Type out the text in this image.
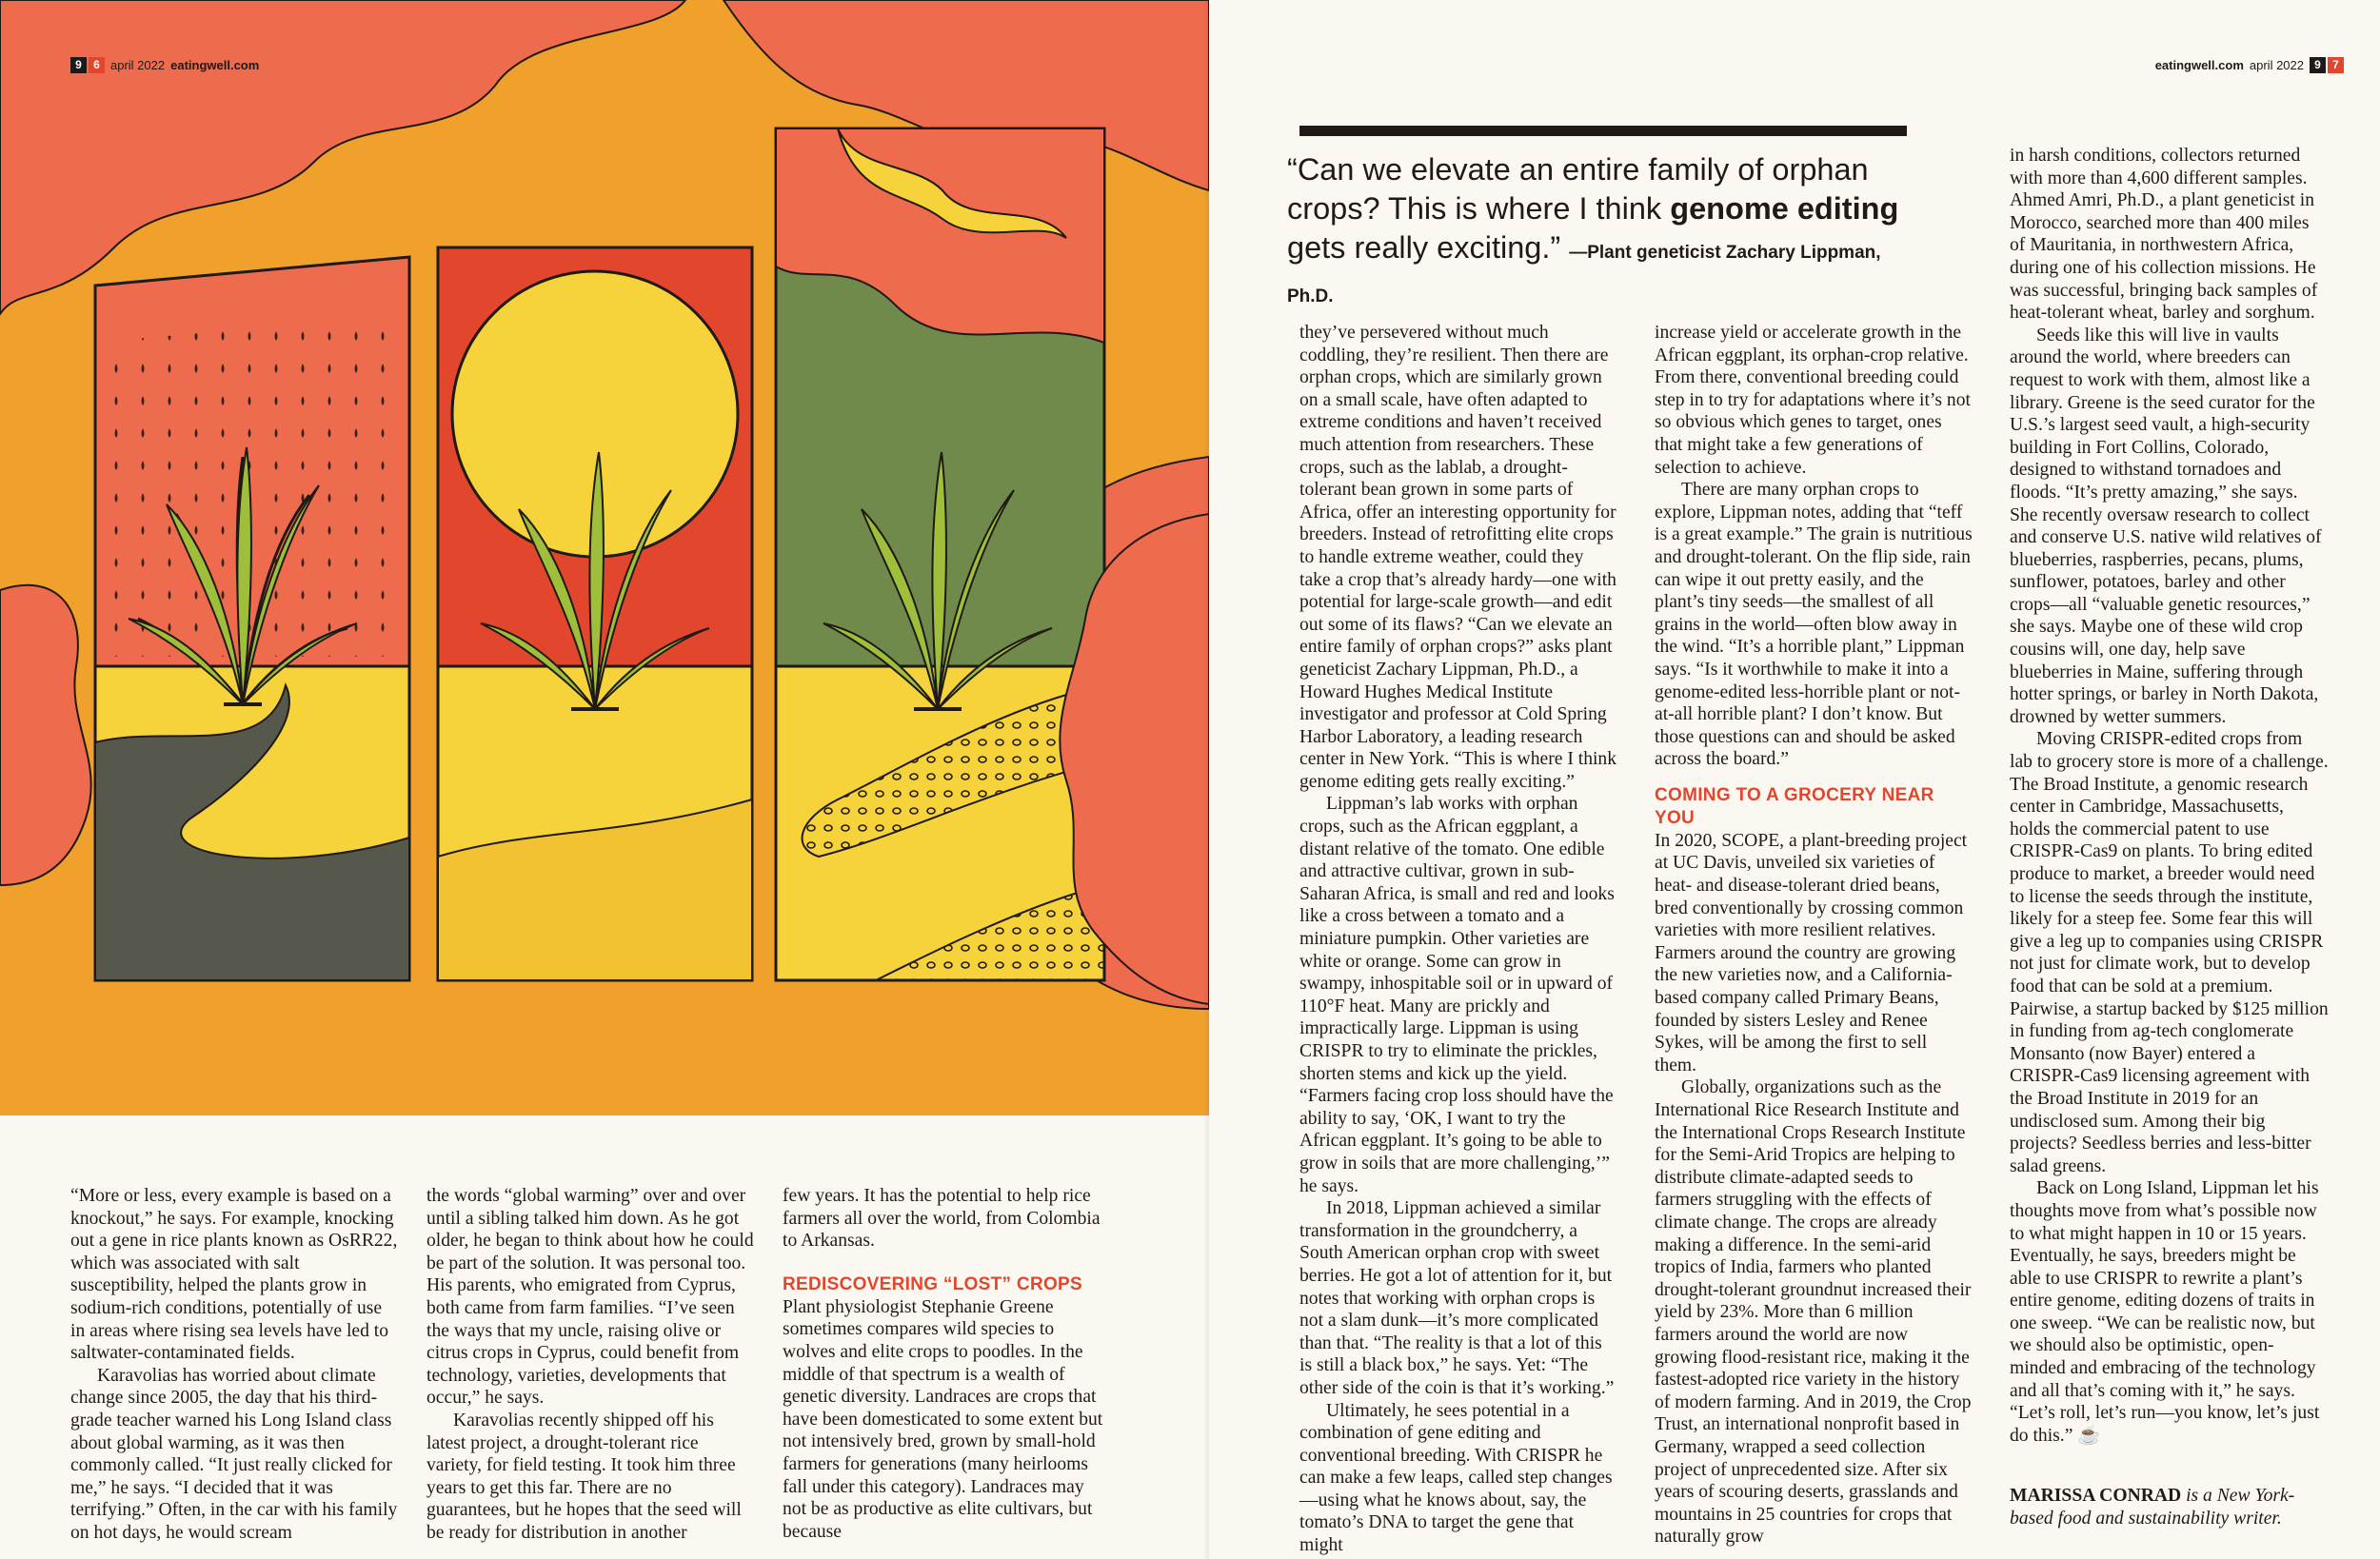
9	6 april 2022 eatingwell.com

“More or less, every example is based on a knockout,” he says. For example, knocking out a gene in rice plants known as OsRR22, which was associated with salt susceptibility, helped the plants grow in sodium-rich conditions, potentially of use in areas where rising sea levels have led to saltwater-contaminated fields.

Karavolias has worried about climate change since 2005, the day that his third-grade teacher warned his Long Island class about global warming, as it was then commonly called. “It just really clicked for me,” he says. “I decided that it was terrifying.” Often, in the car with his family on hot days, he would scream

the words “global warming” over and over until a sibling talked him down. As he got older, he began to think about how he could be part of the solution. It was personal too. His parents, who emigrated from Cyprus, both came from farm families. “I’ve seen the ways that my uncle, raising olive or citrus crops in Cyprus, could benefit from technology, varieties, developments that occur,” he says.

Karavolias recently shipped off his latest project, a drought-tolerant rice variety, for field testing. It took him three years to get this far. There are no guarantees, but he hopes that the seed will be ready for distribution in another

few years. It has the potential to help rice farmers all over the world, from Colombia to Arkansas.

REDISCOVERING “LOST” CROPS

Plant physiologist Stephanie Greene sometimes compares wild species to wolves and elite crops to poodles. In the middle of that spectrum is a wealth of genetic diversity. Landraces are crops that have been domesticated to some extent but not intensively bred, grown by small-hold farmers for generations (many heirlooms fall under this category). Landraces may not be as productive as elite cultivars, but because

eatingwell.com april 2022 9	7
“Can we elevate an entire family of orphan crops? This is where I think genome editing gets really exciting.” —Plant geneticist Zachary Lippman, Ph.D.

they’ve persevered without much coddling, they’re resilient. Then there are orphan crops, which are similarly grown on a small scale, have often adapted to extreme conditions and haven’t received much attention from researchers. These crops, such as the lablab, a drought-tolerant bean grown in some parts of Africa, offer an interesting opportunity for breeders. Instead of retrofitting elite crops to handle extreme weather, could they take a crop that’s already hardy—one with potential for large-scale growth—and edit out some of its flaws? “Can we elevate an entire family of orphan crops?” asks plant geneticist Zachary Lippman, Ph.D., a Howard Hughes Medical Institute investigator and professor at Cold Spring Harbor Laboratory, a leading research center in New York. “This is where I think genome editing gets really exciting.”

Lippman’s lab works with orphan crops, such as the African eggplant, a distant relative of the tomato. One edible and attractive cultivar, grown in sub-Saharan Africa, is small and red and looks like a cross between a tomato and a miniature pumpkin. Other varieties are white or orange. Some can grow in swampy, inhospitable soil or in upward of 110°F heat. Many are prickly and impractically large. Lippman is using CRISPR to try to eliminate the prickles, shorten stems and kick up the yield. “Farmers facing crop loss should have the ability to say, ‘OK, I want to try the African eggplant. It’s going to be able to grow in soils that are more challenging,’” he says.

In 2018, Lippman achieved a similar transformation in the groundcherry, a South American orphan crop with sweet berries. He got a lot of attention for it, but notes that working with orphan crops is not a slam dunk—it’s more complicated than that. “The reality is that a lot of this is still a black box,” he says. Yet: “The other side of the coin is that it’s working.”

Ultimately, he sees potential in a combination of gene editing and conventional breeding. With CRISPR he can make a few leaps, called step changes—using what he knows about, say, the tomato’s DNA to target the gene that might

increase yield or accelerate growth in the African eggplant, its orphan-crop relative. From there, conventional breeding could step in to try for adaptations where it’s not so obvious which genes to target, ones that might take a few generations of selection to achieve.

There are many orphan crops to explore, Lippman notes, adding that “teff is a great example.” The grain is nutritious and drought-tolerant. On the flip side, rain can wipe it out pretty easily, and the plant’s tiny seeds—the smallest of all grains in the world—often blow away in the wind. “It’s a horrible plant,” Lippman says. “Is it worthwhile to make it into a genome-edited less-horrible plant or not-at-all horrible plant? I don’t know. But those questions can and should be asked across the board.”

COMING TO A GROCERY NEAR YOU

In 2020, SCOPE, a plant-breeding project at UC Davis, unveiled six varieties of heat- and disease-tolerant dried beans, bred conventionally by crossing common varieties with more resilient relatives. Farmers around the country are growing the new varieties now, and a California-based company called Primary Beans, founded by sisters Lesley and Renee Sykes, will be among the first to sell them.

Globally, organizations such as the International Rice Research Institute and the International Crops Research Institute for the Semi-Arid Tropics are helping to distribute climate-adapted seeds to farmers struggling with the effects of climate change. The crops are already making a difference. In the semi-arid tropics of India, farmers who planted drought-tolerant groundnut increased their yield by 23%. More than 6 million farmers around the world are now growing flood-resistant rice, making it the fastest-adopted rice variety in the history of modern farming. And in 2019, the Crop Trust, an international nonprofit based in Germany, wrapped a seed collection project of unprecedented size. After six years of scouring deserts, grasslands and mountains in 25 countries for crops that naturally grow

in harsh conditions, collectors returned with more than 4,600 different samples. Ahmed Amri, Ph.D., a plant geneticist in Morocco, searched more than 400 miles of Mauritania, in northwestern Africa, during one of his collection missions. He was successful, bringing back samples of heat-tolerant wheat, barley and sorghum.

Seeds like this will live in vaults around the world, where breeders can request to work with them, almost like a library. Greene is the seed curator for the U.S.’s largest seed vault, a high-security building in Fort Collins, Colorado, designed to withstand tornadoes and floods. “It’s pretty amazing,” she says. She recently oversaw research to collect and conserve U.S. native wild relatives of blueberries, raspberries, pecans, plums, sunflower, potatoes, barley and other crops—all “valuable genetic resources,” she says. Maybe one of these wild crop cousins will, one day, help save blueberries in Maine, suffering through hotter springs, or barley in North Dakota, drowned by wetter summers.

Moving CRISPR-edited crops from lab to grocery store is more of a challenge. The Broad Institute, a genomic research center in Cambridge, Massachusetts, holds the commercial patent to use CRISPR-Cas9 on plants. To bring edited produce to market, a breeder would need to license the seeds through the institute, likely for a steep fee. Some fear this will give a leg up to companies using CRISPR not just for climate work, but to develop food that can be sold at a premium. Pairwise, a startup backed by $125 million in funding from ag-tech conglomerate Monsanto (now Bayer) entered a CRISPR-Cas9 licensing agreement with the Broad Institute in 2019 for an undisclosed sum. Among their big projects? Seedless berries and less-bitter salad greens.

Back on Long Island, Lippman let his thoughts move from what’s possible now to what might happen in 10 or 15 years. Eventually, he says, breeders might be able to use CRISPR to rewrite a plant’s entire genome, editing dozens of traits in one sweep. “We can be realistic now, but we should also be optimistic, open-minded and embracing of the technology and all that’s coming with it,” he says. “Let’s roll, let’s run—you know, let’s just do this.” ☕

MARISSA CONRAD is a New York-based food and sustainability writer.
